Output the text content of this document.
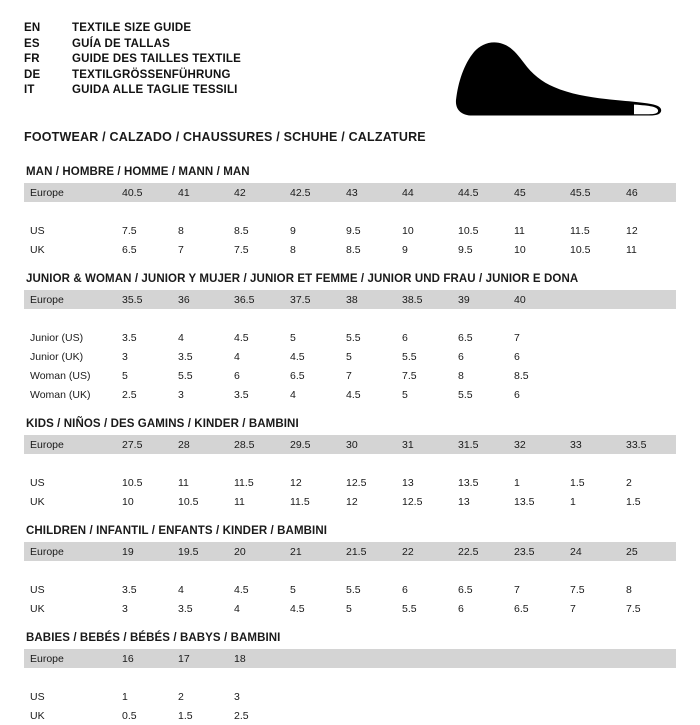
EN	TEXTILE SIZE GUIDE
ES	GUÍA DE TALLAS
FR	GUIDE DES TAILLES TEXTILE
DE	TEXTILGRÖSSENFÜHRUNG
IT	GUIDA ALLE TAGLIE TESSILI
FOOTWEAR / CALZADO / CHAUSSURES / SCHUHE / CALZATURE
MAN / HOMBRE / HOMME / MANN / MAN
Europe	40.5	41	42	42.5	43	44	44.5	45	45.5	46

US	7.5	8	8.5	9	9.5	10	10.5	11	11.5	12
UK	6.5	7	7.5	8	8.5	9	9.5	10	10.5	11
JUNIOR & WOMAN / JUNIOR Y MUJER / JUNIOR ET FEMME / JUNIOR UND FRAU / JUNIOR E DONA
Europe	35.5	36	36.5	37.5	38	38.5	39	40		

Junior (US)	3.5	4	4.5	5	5.5	6	6.5	7		
Junior (UK)	3	3.5	4	4.5	5	5.5	6	6		
Woman (US)	5	5.5	6	6.5	7	7.5	8	8.5		
Woman (UK)	2.5	3	3.5	4	4.5	5	5.5	6		
KIDS / NIÑOS / DES GAMINS / KINDER / BAMBINI
Europe	27.5	28	28.5	29.5	30	31	31.5	32	33	33.5

US	10.5	11	11.5	12	12.5	13	13.5	1	1.5	2
UK	10	10.5	11	11.5	12	12.5	13	13.5	1	1.5
CHILDREN / INFANTIL / ENFANTS / KINDER / BAMBINI
Europe	19	19.5	20	21	21.5	22	22.5	23.5	24	25

US	3.5	4	4.5	5	5.5	6	6.5	7	7.5	8
UK	3	3.5	4	4.5	5	5.5	6	6.5	7	7.5
BABIES / BEBÉS / BÉBÉS / BABYS / BAMBINI
Europe	16	17	18							

US	1	2	3							
UK	0.5	1.5	2.5							
